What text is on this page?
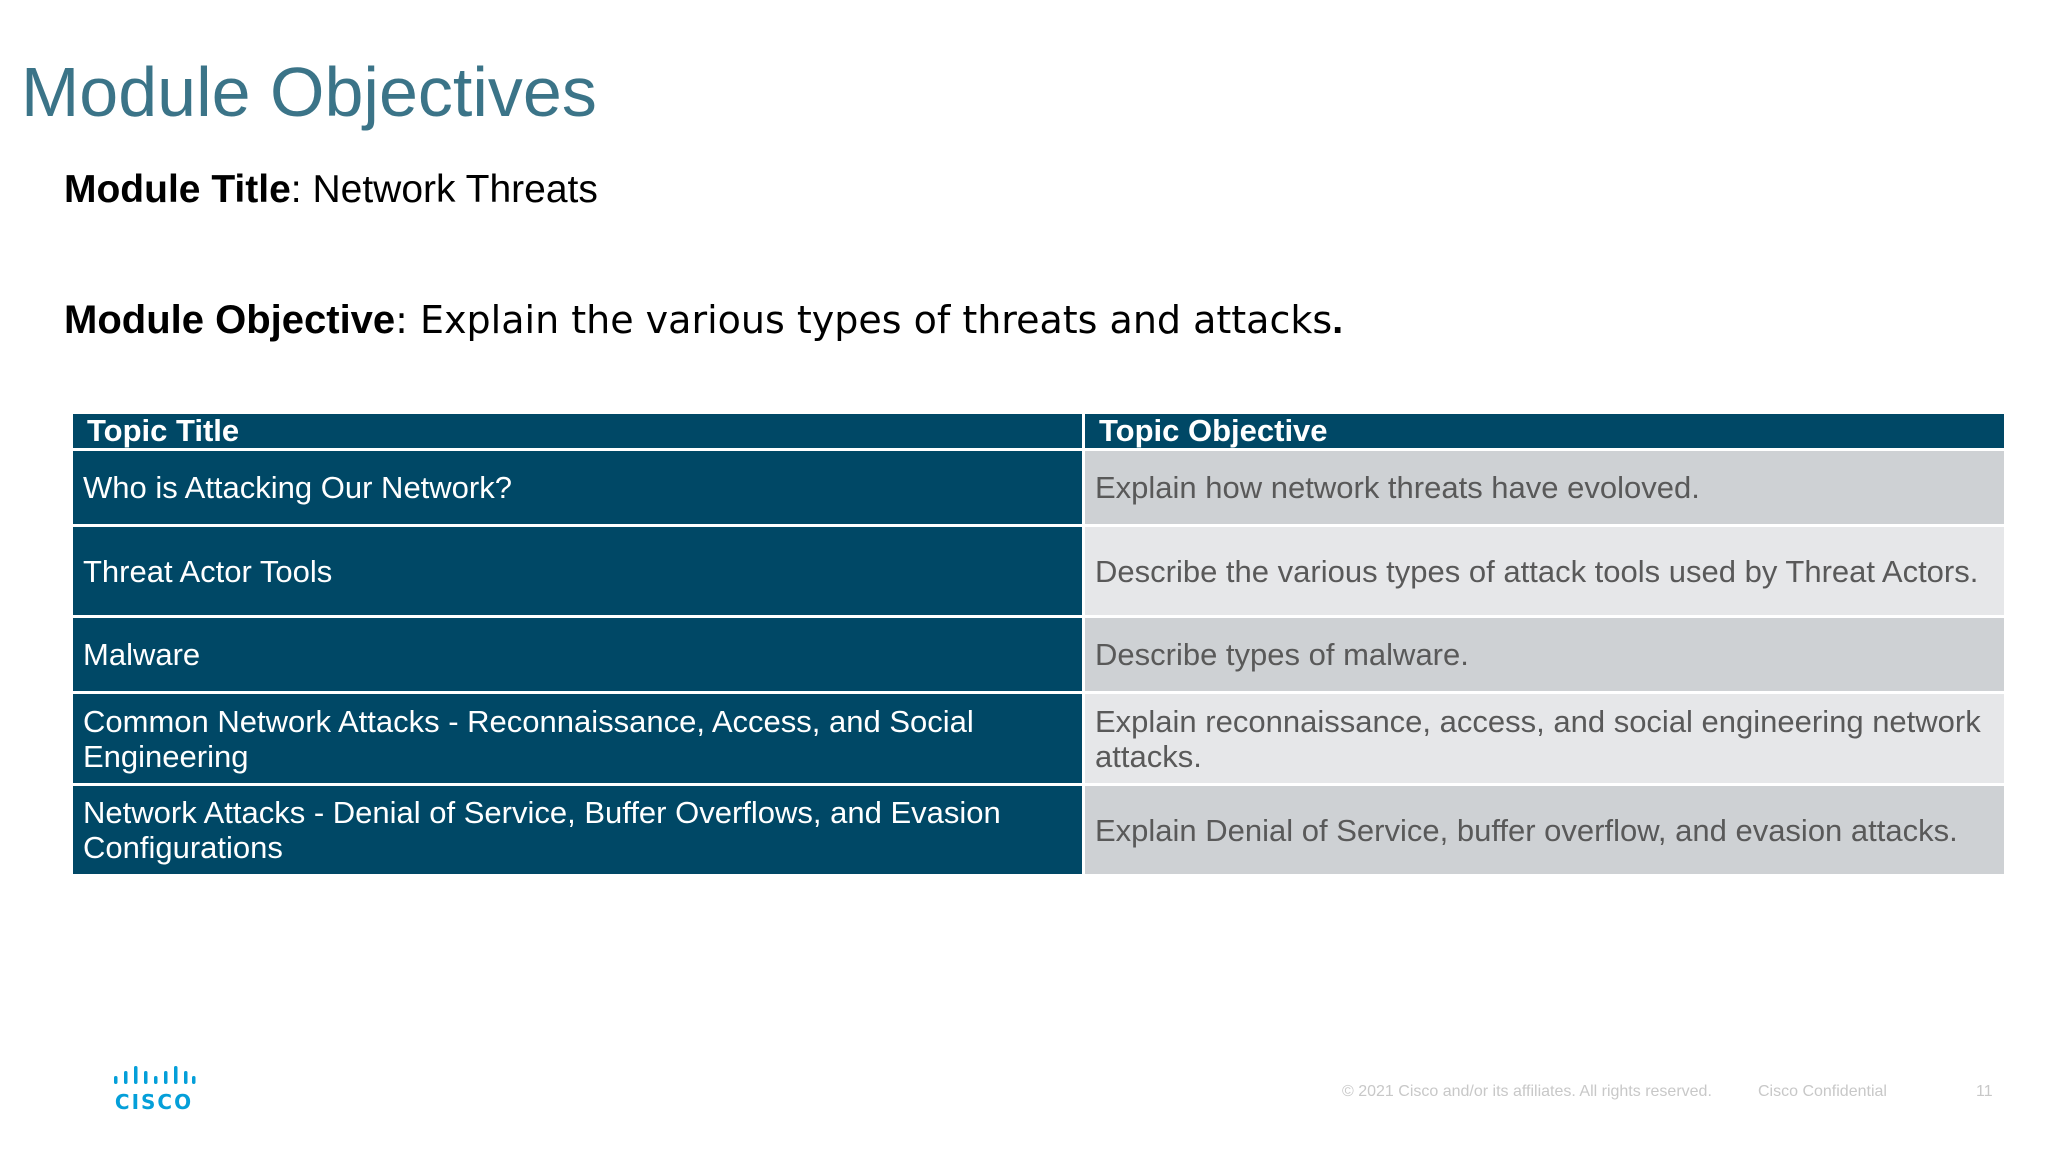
Module Objectives
Module Title: Network Threats
Module Objective: Explain the various types of threats and attacks.
Topic Title	Topic Objective
Who is Attacking Our Network?	Explain how network threats have evoloved.
Threat Actor Tools	Describe the various types of attack tools used by Threat Actors.
Malware	Describe types of malware.
Common Network Attacks - Reconnaissance, Access, and Social Engineering	Explain reconnaissance, access, and social engineering network attacks.
Network Attacks - Denial of Service, Buffer Overflows, and Evasion Configurations	Explain Denial of Service, buffer overflow, and evasion attacks.
CISCO	© 2021 Cisco and/or its affiliates. All rights reserved.	Cisco Confidential	11
